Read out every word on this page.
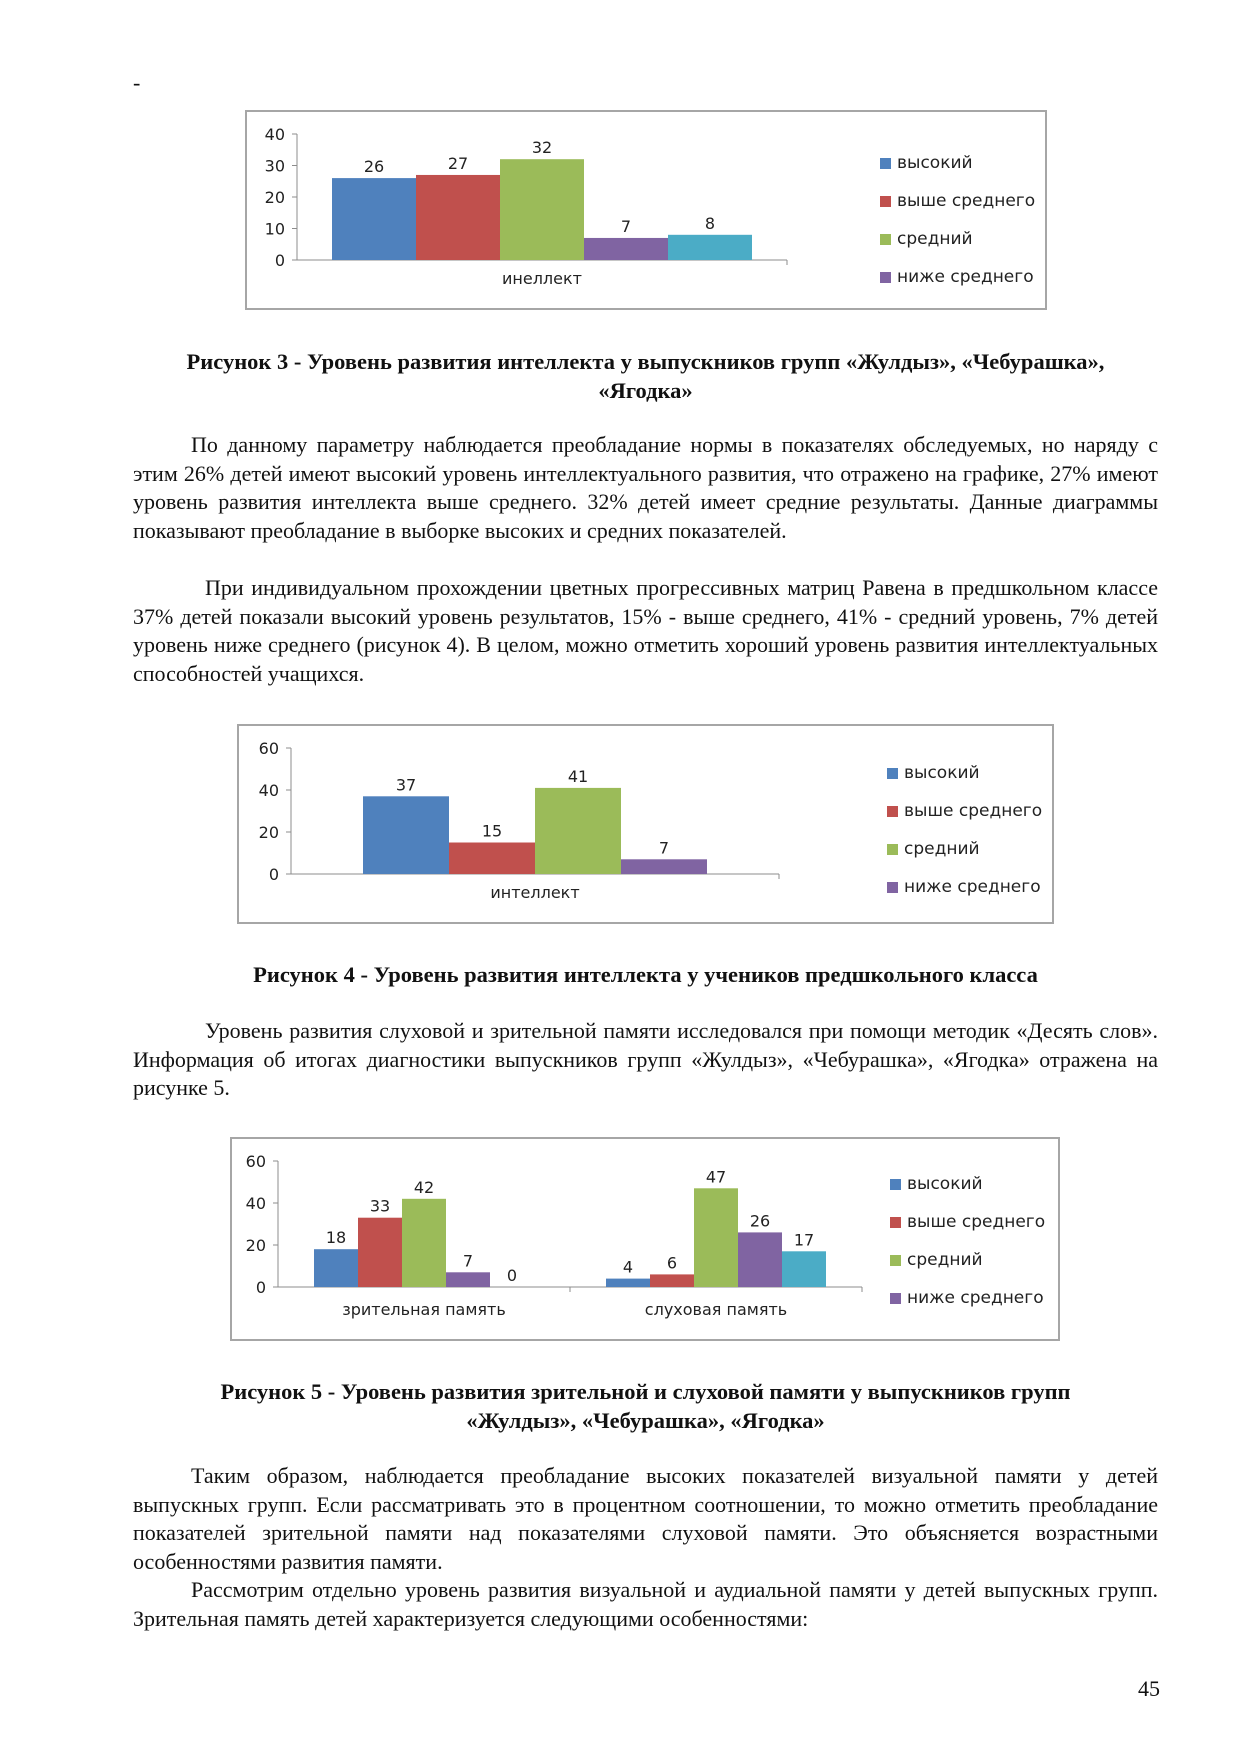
-
0
10
20
30
40
26	27
32
7	8
инеллект
высокий
выше среднего
средний
ниже среднего
Рисунок 3 - Уровень развития интеллекта у выпускников групп «Жулдыз», «Чебурашка»,
«Ягодка»

По данному параметру наблюдается преобладание нормы в показателях обследуемых, но наряду с этим 26% детей имеют высокий уровень интеллектуального развития, что отражено на графике, 27% имеют уровень развития интеллекта выше среднего. 32% детей имеет средние результаты. Данные диаграммы показывают преобладание в выборке высоких и средних показателей.

При индивидуальном прохождении цветных прогрессивных матриц Равена в предшкольном классе 37% детей показали высокий уровень результатов, 15% - выше среднего, 41% - средний уровень, 7% детей уровень ниже среднего (рисунок 4). В целом, можно отметить хороший уровень развития интеллектуальных способностей учащихся.

0
20
40
60
37
15
41
7
интеллект
высокий
выше среднего
средний
ниже среднего
Рисунок 4 - Уровень развития интеллекта у учеников предшкольного класса

Уровень развития слуховой и зрительной памяти исследовался при помощи методик «Десять слов». Информация об итогах диагностики выпускников групп «Жулдыз», «Чебурашка», «Ягодка» отражена на рисунке 5.

0
20
40
60
18
33
42
7
0
зрительная память
4 6
47
26
17
слуховая память
высокий
выше среднего
средний
ниже среднего
Рисунок 5 - Уровень развития зрительной и слуховой памяти у выпускников групп
«Жулдыз», «Чебурашка», «Ягодка»

Таким образом, наблюдается преобладание высоких показателей визуальной памяти у детей выпускных групп. Если рассматривать это в процентном соотношении, то можно отметить преобладание показателей зрительной памяти над показателями слуховой памяти. Это объясняется возрастными особенностями развития памяти.

Рассмотрим отдельно уровень развития визуальной и аудиальной памяти у детей выпускных групп. Зрительная память детей характеризуется следующими особенностями:

45
